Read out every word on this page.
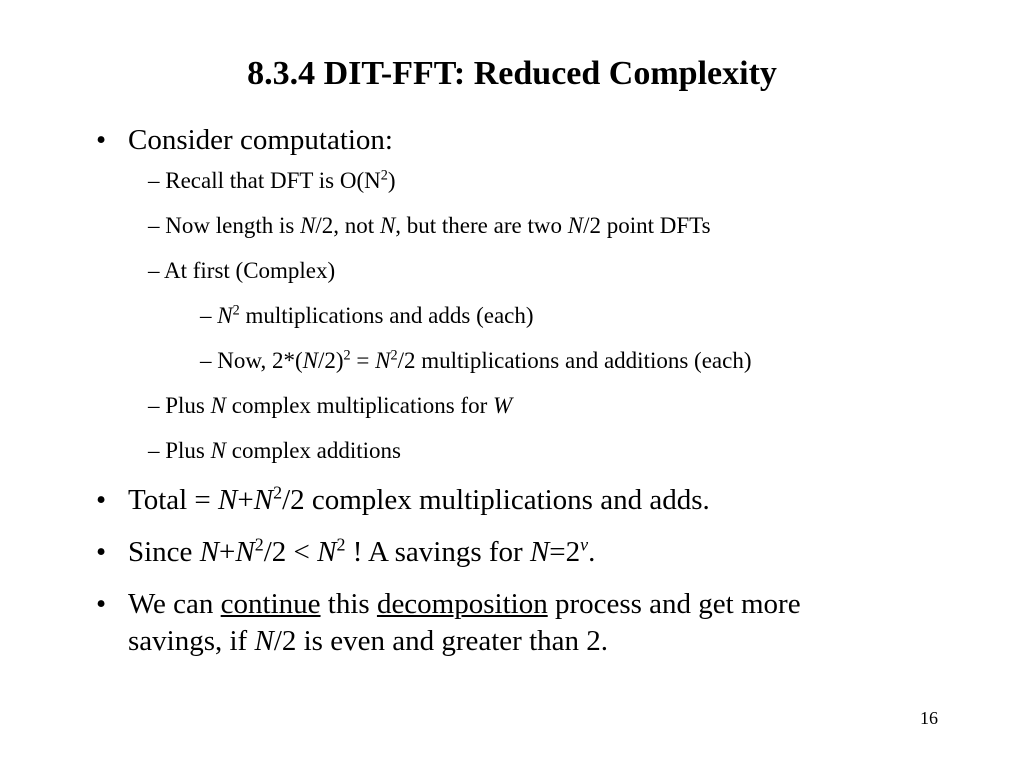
8.3.4 DIT-FFT: Reduced Complexity
• Consider computation:
– Recall that DFT is $O(N^2)$
– Now length is N/2, not N, but there are two N/2 point DFTs
– At first (Complex)
– $N^2$ multiplications and adds (each)
– Now, $2*(N/2)^2 = N^2/2$ multiplications and additions (each)
– Plus N complex multiplications for W
– Plus N complex additions
• Total = $N+N^2/2$ complex multiplications and adds.
• Since $N+N^2/2 < N^2$ ! A savings for $N=2^v$.
• We can continue this decomposition process and get more
savings, if N/2 is even and greater than 2.
16
